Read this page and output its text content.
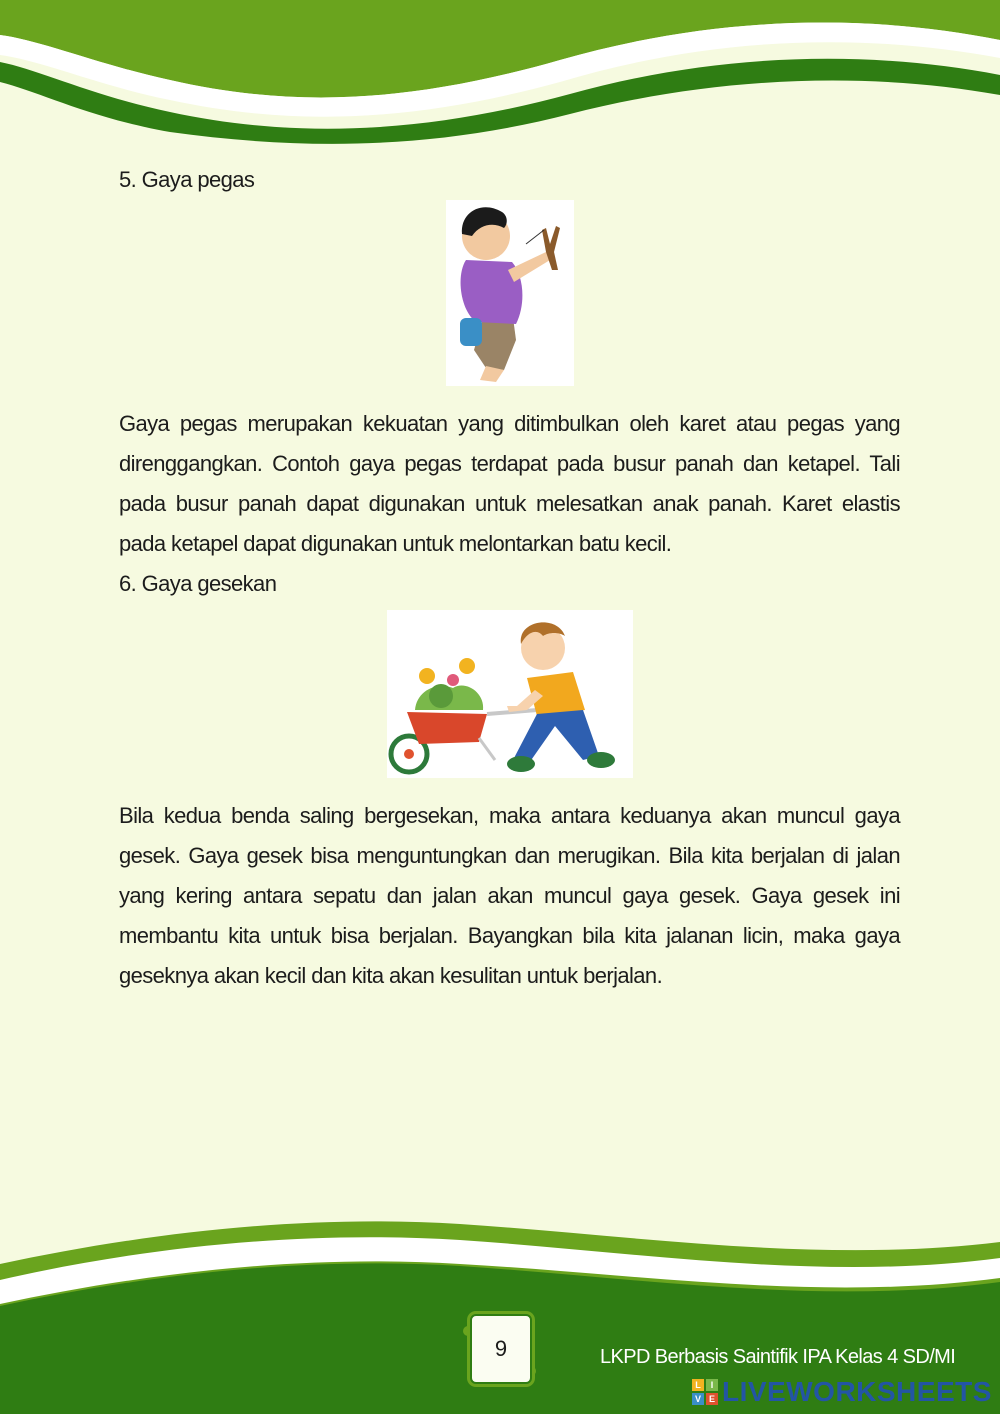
5. Gaya pegas

Gaya pegas merupakan kekuatan yang ditimbulkan oleh karet atau pegas yang direnggangkan. Contoh gaya pegas terdapat pada busur panah dan ketapel. Tali pada busur panah dapat digunakan untuk melesatkan anak panah. Karet elastis pada ketapel dapat digunakan untuk melontarkan batu kecil.

6. Gaya gesekan

Bila kedua benda saling bergesekan, maka antara keduanya akan muncul gaya gesek. Gaya gesek bisa menguntungkan dan merugikan. Bila kita berjalan di jalan yang kering antara sepatu dan jalan akan muncul gaya gesek. Gaya gesek ini membantu kita untuk bisa berjalan. Bayangkan bila kita jalanan licin, maka gaya geseknya akan kecil dan kita akan kesulitan untuk berjalan.

9	LKPD Berbasis Saintifik IPA Kelas 4 SD/MI
L	I
V E LIVEWORKSHEETS
